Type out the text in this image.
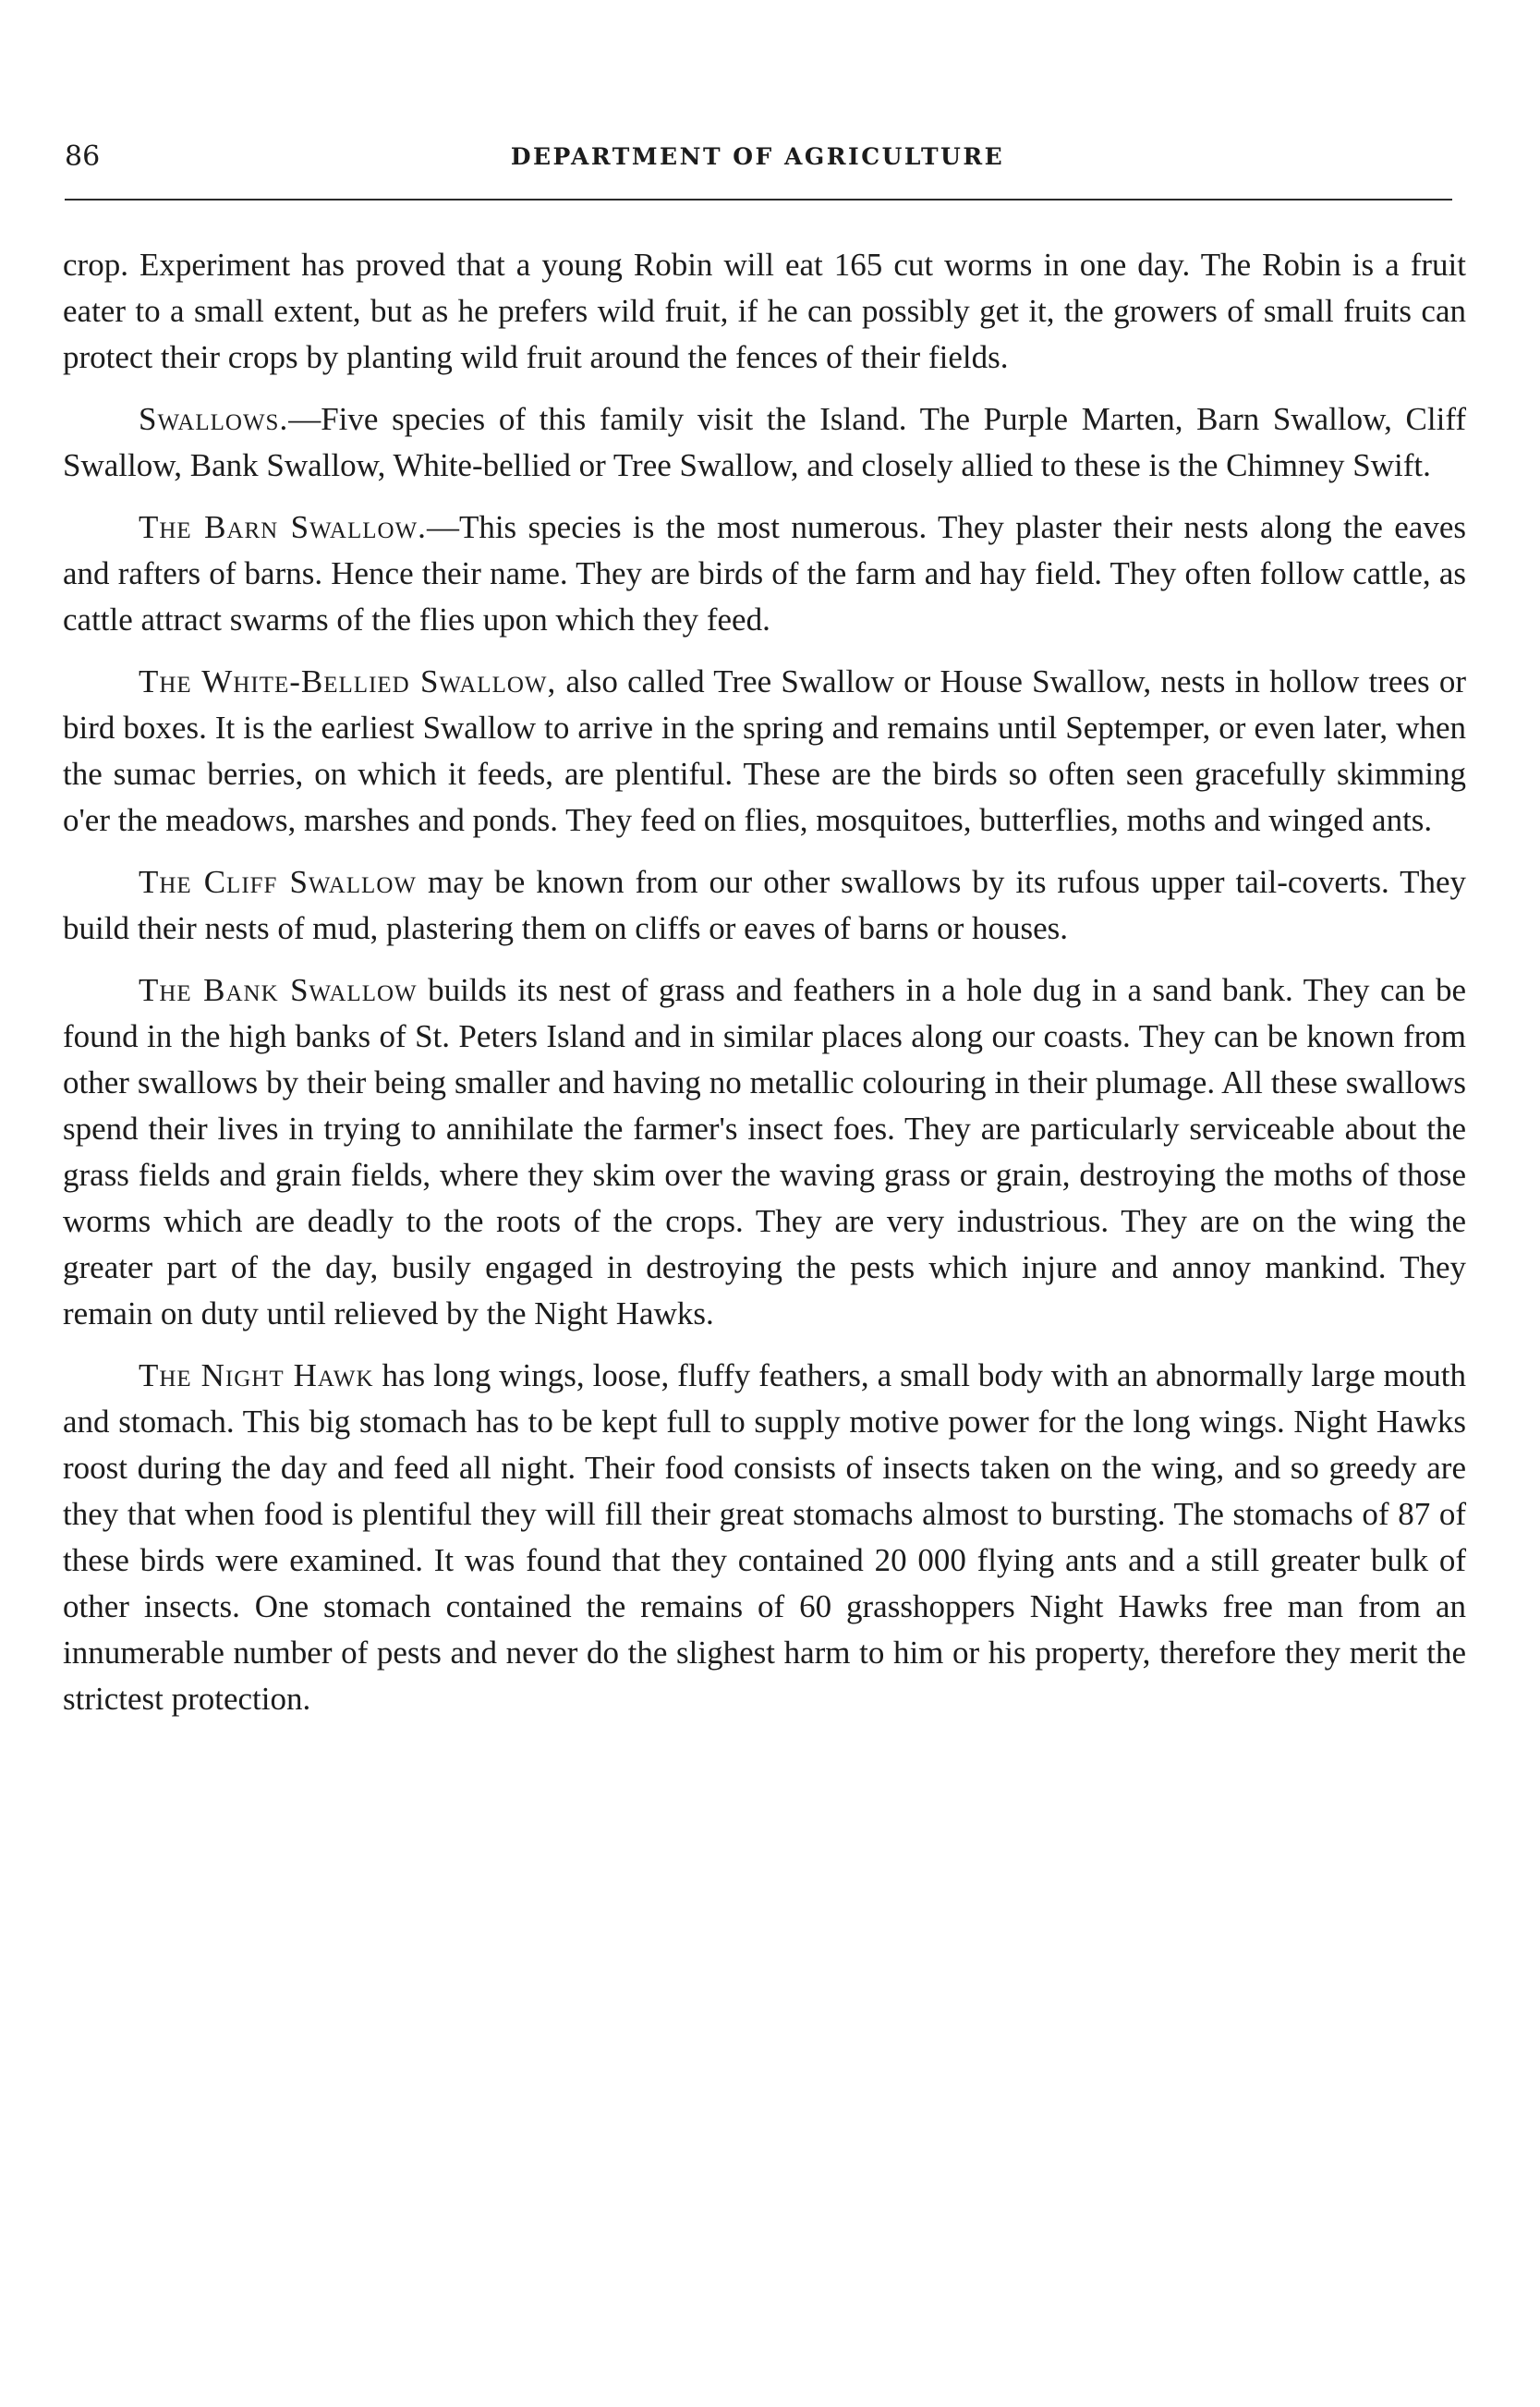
86	DEPARTMENT OF AGRICULTURE

crop. Experiment has proved that a young Robin will eat 165 cut worms in one day. The Robin is a fruit eater to a small extent, but as he prefers wild fruit, if he can possibly get it, the growers of small fruits can protect their crops by planting wild fruit around the fences of their fields.

Swallows.—Five species of this family visit the Island. The Purple Marten, Barn Swallow, Cliff Swallow, Bank Swallow, White-bellied or Tree Swallow, and closely allied to these is the Chimney Swift.

The Barn Swallow.—This species is the most numerous. They plaster their nests along the eaves and rafters of barns. Hence their name. They are birds of the farm and hay field. They often follow cattle, as cattle attract swarms of the flies upon which they feed.

The White-Bellied Swallow, also called Tree Swallow or House Swallow, nests in hollow trees or bird boxes. It is the earliest Swallow to arrive in the spring and remains until Septemper, or even later, when the sumac berries, on which it feeds, are plentiful. These are the birds so often seen gracefully skimming o'er the meadows, marshes and ponds. They feed on flies, mosquitoes, butterflies, moths and winged ants.

The Cliff Swallow may be known from our other swallows by its rufous upper tail-coverts. They build their nests of mud, plastering them on cliffs or eaves of barns or houses.

The Bank Swallow builds its nest of grass and feathers in a hole dug in a sand bank. They can be found in the high banks of St. Peters Island and in similar places along our coasts. They can be known from other swallows by their being smaller and having no metallic colouring in their plumage. All these swallows spend their lives in trying to annihilate the farmer's insect foes. They are particularly serviceable about the grass fields and grain fields, where they skim over the waving grass or grain, destroying the moths of those worms which are deadly to the roots of the crops. They are very industrious. They are on the wing the greater part of the day, busily engaged in destroying the pests which injure and annoy mankind. They remain on duty until relieved by the Night Hawks.

The Night Hawk has long wings, loose, fluffy feathers, a small body with an abnormally large mouth and stomach. This big stomach has to be kept full to supply motive power for the long wings. Night Hawks roost during the day and feed all night. Their food consists of insects taken on the wing, and so greedy are they that when food is plentiful they will fill their great stomachs almost to bursting. The stomachs of 87 of these birds were examined. It was found that they contained 20 000 flying ants and a still greater bulk of other insects. One stomach contained the remains of 60 grasshoppers Night Hawks free man from an innumerable number of pests and never do the slighest harm to him or his property, therefore they merit the strictest protection.
